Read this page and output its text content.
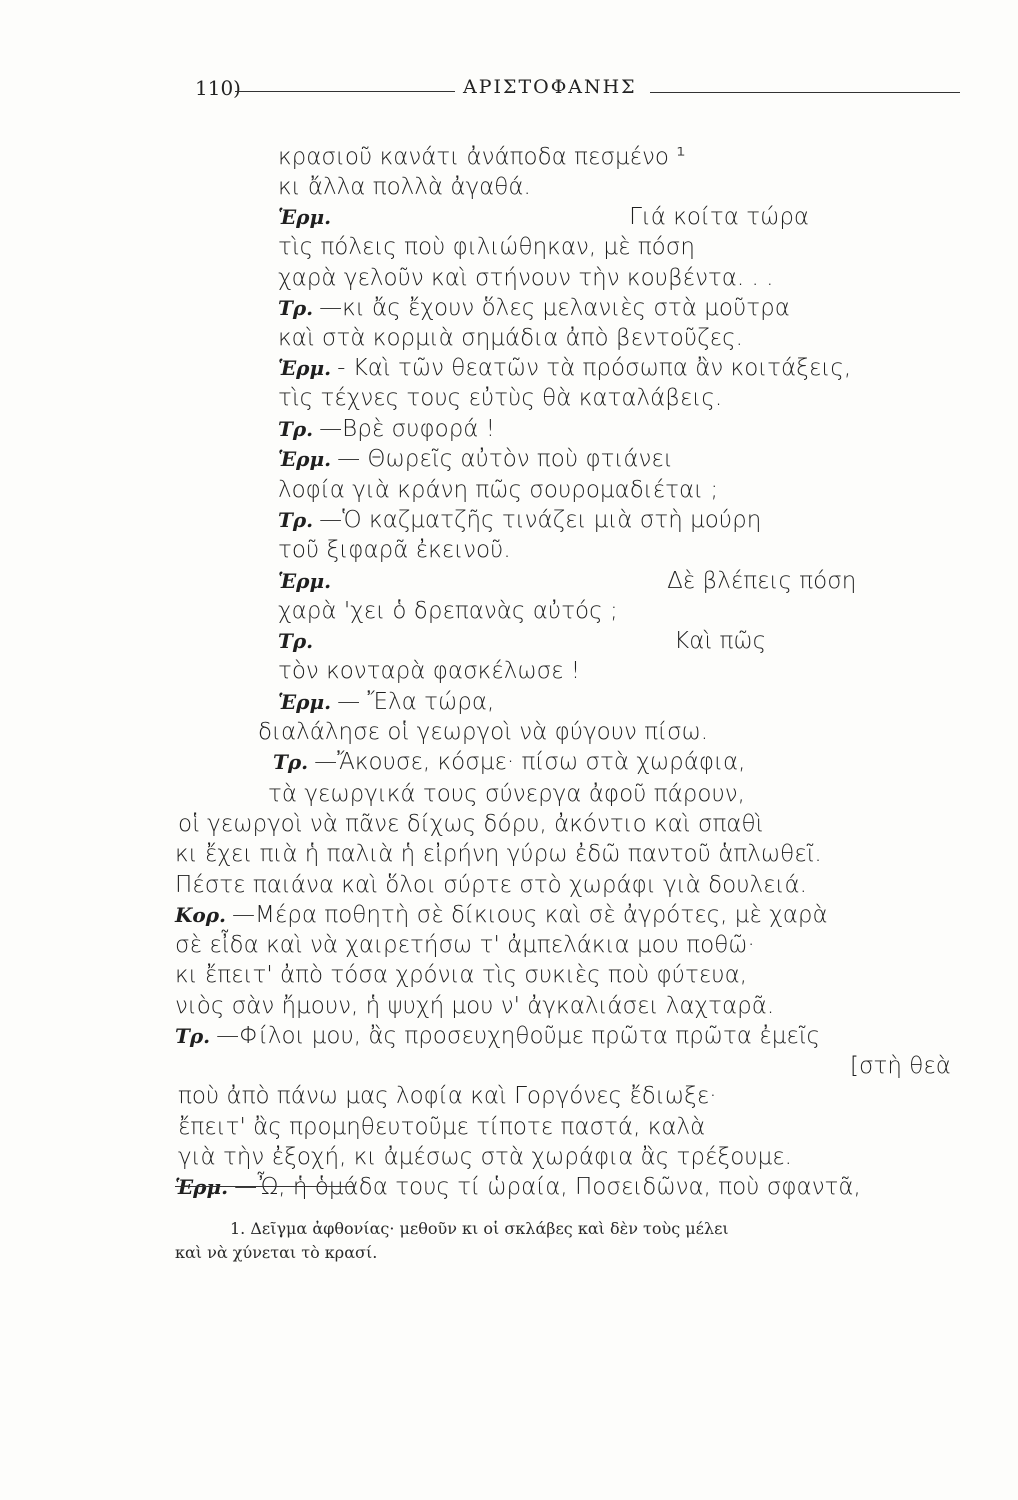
110)	ΑΡΙΣΤΟΦΑΝΗΣ
κρασιοῦ κανάτι ἀνάποδα πεσμένο ¹
κι ἄλλα πολλὰ ἀγαθά.
Ἑρμ.	Γιά κοίτα τώρα
τὶς πόλεις ποὺ φιλιώθηκαν, μὲ πόση
χαρὰ γελοῦν καὶ στήνουν τὴν κουβέντα. . .
Τρ. —κι ἄς ἔχουν ὅλες μελανιὲς στὰ μοῦτρα
καὶ στὰ κορμιὰ σημάδια ἀπὸ βεντοῦζες.
Ἑρμ. - Καὶ τῶν θεατῶν τὰ πρόσωπα ἂν κοιτάξεις,
τὶς τέχνες τους εὐτὺς θὰ καταλάβεις.
Τρ. —Βρὲ συφορά !
Ἑρμ. — Θωρεῖς αὐτὸν ποὺ φτιάνει
λοφία γιὰ κράνη πῶς σουρομαδιέται ;
Τρ. —Ὁ καζματζῆς τινάζει μιὰ στὴ μούρη
τοῦ ξιφαρᾶ ἐκεινοῦ.
Ἑρμ.	Δὲ βλέπεις πόση
χαρὰ 'χει ὁ δρεπανὰς αὐτός ;
Τρ.	Καὶ πῶς
τὸν κονταρὰ φασκέλωσε !
Ἑρμ. — Ἔλα τώρα,
διαλάλησε οἱ γεωργοὶ νὰ φύγουν πίσω.
Τρ. —Ἄκουσε, κόσμε· πίσω στὰ χωράφια,
τὰ γεωργικά τους σύνεργα ἀφοῦ πάρουν,
οἱ γεωργοὶ νὰ πᾶνε δίχως δόρυ, ἀκόντιο καὶ σπαθὶ
κι ἔχει πιὰ ἡ παλιὰ ἡ εἰρήνη γύρω ἐδῶ παντοῦ ἁπλωθεῖ.
Πέστε παιάνα καὶ ὅλοι σύρτε στὸ χωράφι γιὰ δουλειά.
Κορ. —Μέρα ποθητὴ σὲ δίκιους καὶ σὲ ἀγρότες, μὲ χαρὰ
σὲ εἶδα καὶ νὰ χαιρετήσω τ' ἀμπελάκια μου ποθῶ·
κι ἔπειτ' ἀπὸ τόσα χρόνια τὶς συκιὲς ποὺ φύτευα,
νιὸς σὰν ἤμουν, ἡ ψυχή μου ν' ἀγκαλιάσει λαχταρᾶ.
Τρ. —Φίλοι μου, ἂς προσευχηθοῦμε πρῶτα πρῶτα ἐμεῖς
[στὴ θεὰ
ποὺ ἀπὸ πάνω μας λοφία καὶ Γοργόνες ἔδιωξε·
ἔπειτ' ἂς προμηθευτοῦμε τίποτε παστά, καλὰ
γιὰ τὴν ἐξοχή, κι ἀμέσως στὰ χωράφια ἂς τρέξουμε.
Ἑρμ. —Ὦ, ἡ ὁμάδα τους τί ὡραία, Ποσειδῶνα, ποὺ σφαντᾶ,
1. Δεῖγμα ἀφθονίας· μεθοῦν κι οἱ σκλάβες καὶ δὲν τοὺς μέλει
καὶ νὰ χύνεται τὸ κρασί.
